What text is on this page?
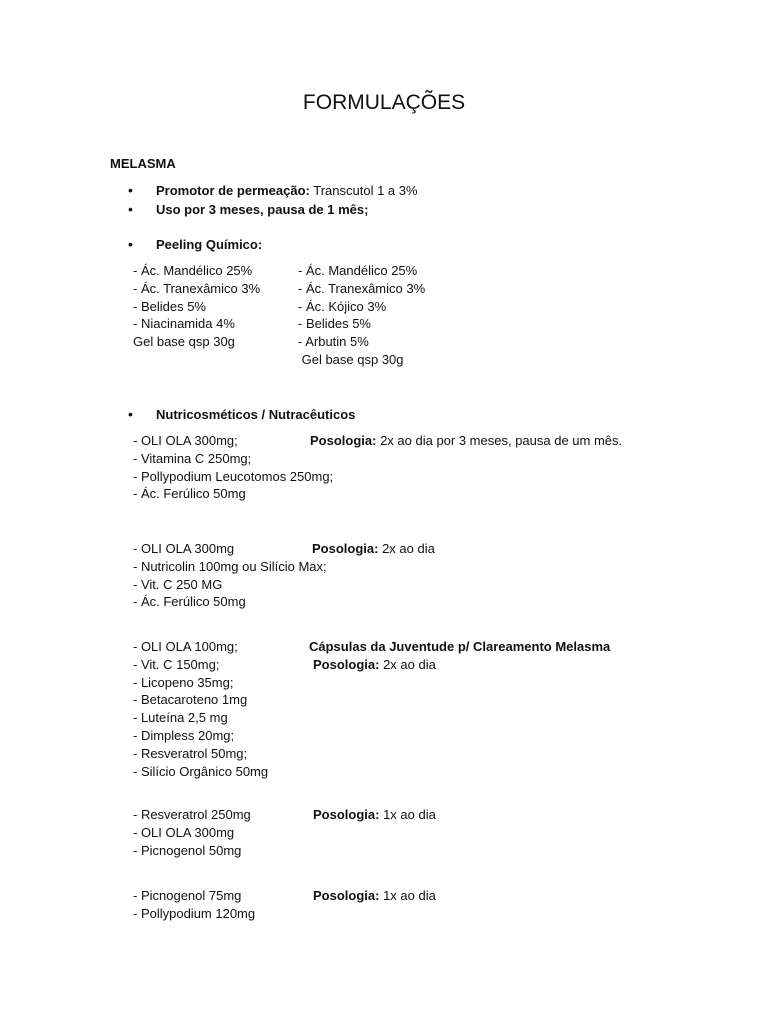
FORMULAÇÕES
MELASMA
• Promotor de permeação: Transcutol 1 a 3%
• Uso por 3 meses, pausa de 1 mês;
• Peeling Químico:
- Ác. Mandélico 25%
- Ác. Tranexâmico 3%
- Belides 5%
- Niacinamida 4%
Gel base qsp 30g
- Ác. Mandélico 25%
- Ác. Tranexâmico 3%
- Ác. Kójico 3%
- Belides 5%
- Arbutin 5%
Gel base qsp 30g
• Nutricosméticos / Nutracêuticos
- OLI OLA 300mg;
- Vitamina C 250mg;
- Pollypodium Leucotomos 250mg;
- Ác. Ferúlico 50mg
Posologia: 2x ao dia por 3 meses, pausa de um mês.
- OLI OLA 300mg
- Nutricolin 100mg ou Silício Max;
- Vit. C 250 MG
- Ác. Ferúlico 50mg
Posologia: 2x ao dia
- OLI OLA 100mg;
- Vit. C 150mg;
- Licopeno 35mg;
- Betacaroteno 1mg
- Luteína 2,5 mg
- Dimpless 20mg;
- Resveratrol 50mg;
- Silício Orgânico 50mg
Cápsulas da Juventude p/ Clareamento Melasma
Posologia: 2x ao dia
- Resveratrol 250mg
- OLI OLA 300mg
- Picnogenol 50mg
Posologia: 1x ao dia
- Picnogenol 75mg
- Pollypodium 120mg
Posologia: 1x ao dia
